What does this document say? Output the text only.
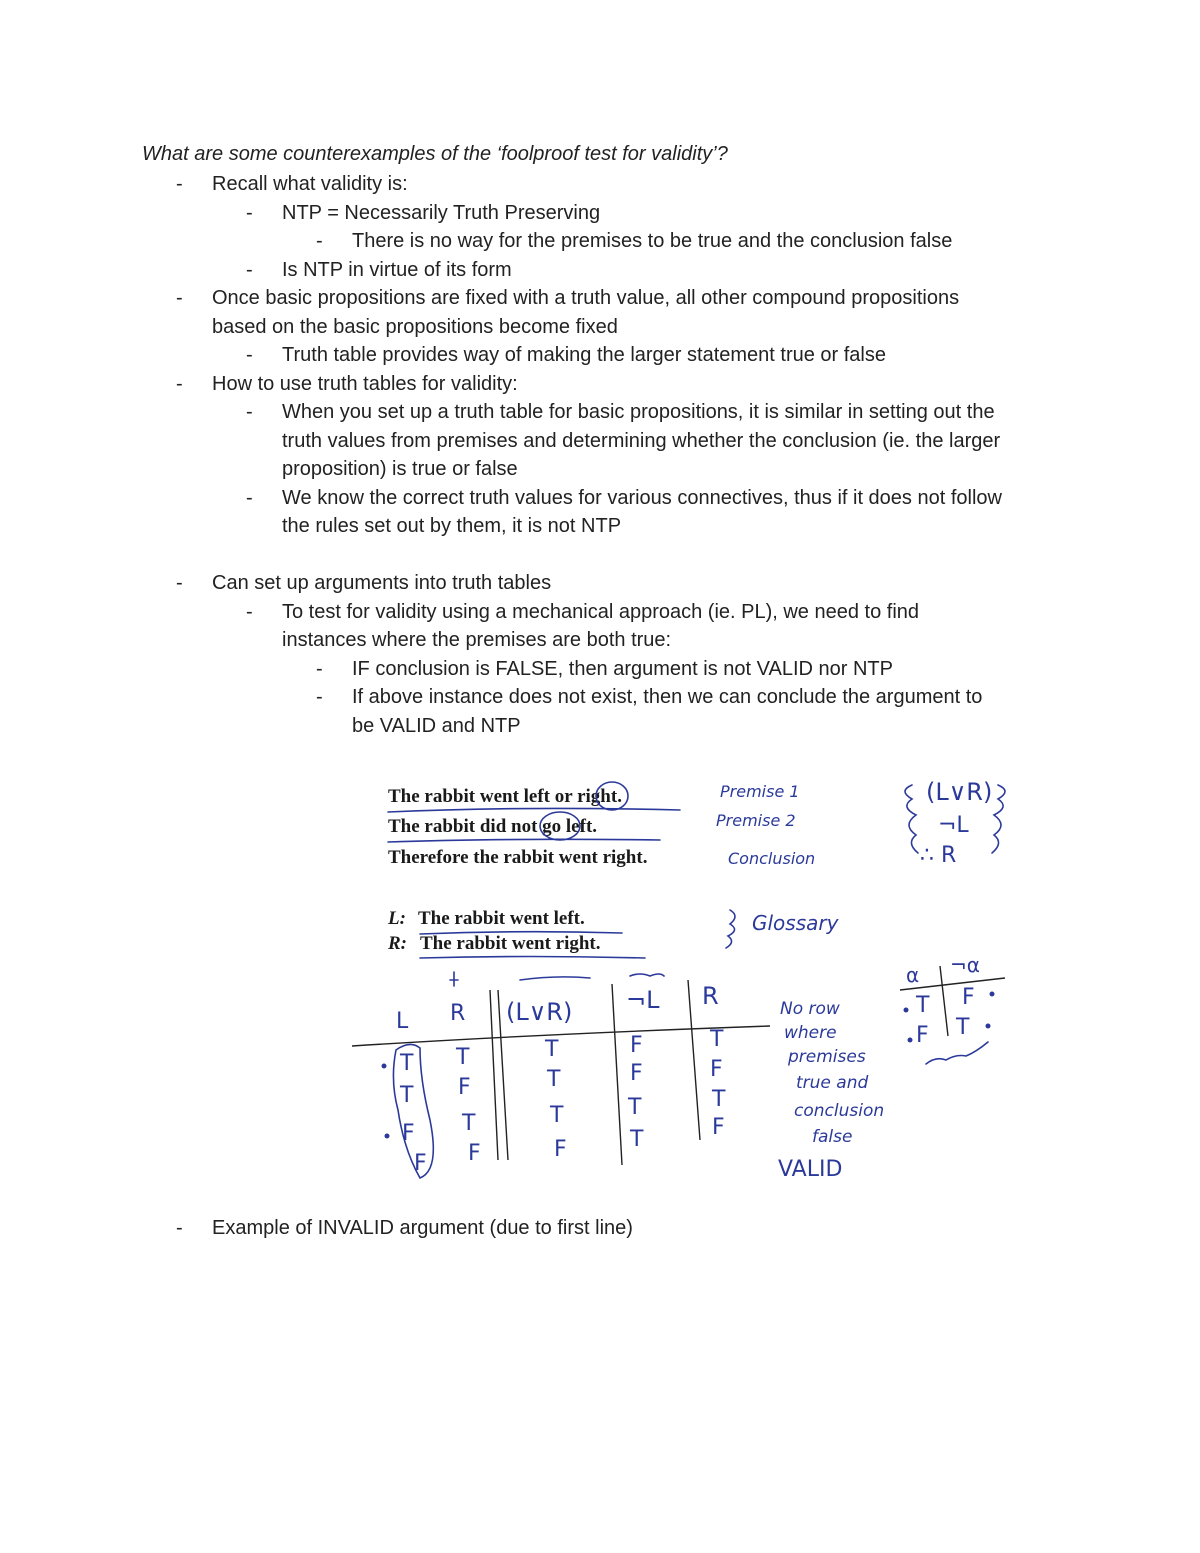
-	Recall what validity is:
-	NTP = Necessarily Truth Preserving
-	There is no way for the premises to be true and the conclusion false
-	Is NTP in virtue of its form
-	Once basic propositions are fixed with a truth value, all other compound propositions
based on the basic propositions become fixed
-	Truth table provides way of making the larger statement true or false
-	How to use truth tables for validity:
-	When you set up a truth table for basic propositions, it is similar in setting out the
truth values from premises and determining whether the conclusion (ie. the larger
proposition) is true or false
-	We know the correct truth values for various connectives, thus if it does not follow
the rules set out by them, it is not NTP
-	Can set up arguments into truth tables
-	To test for validity using a mechanical approach (ie. PL), we need to find
instances where the premises are both true:
-	IF conclusion is FALSE, then argument is not VALID nor NTP
-	If above instance does not exist, then we can conclude the argument to
be VALID and NTP
What are some counterexamples of the ‘foolproof test for validity’?
The rabbit went left or right.
The rabbit did not go left.
Therefore the rabbit went right.
Premise 1
Premise 2
Conclusion
(L∨R)
¬L
∴ R
L: The rabbit went left.
R: The rabbit went right.
Glossary
L R (L∨R) ¬L R
T T	T	F	T
T F	T	F	F
F T	T	T	T
F F	F	T	F
No row
where
premises
true and
conclusion
false
VALID
α ¬α
T F
F T
-	Example of INVALID argument (due to first line)
